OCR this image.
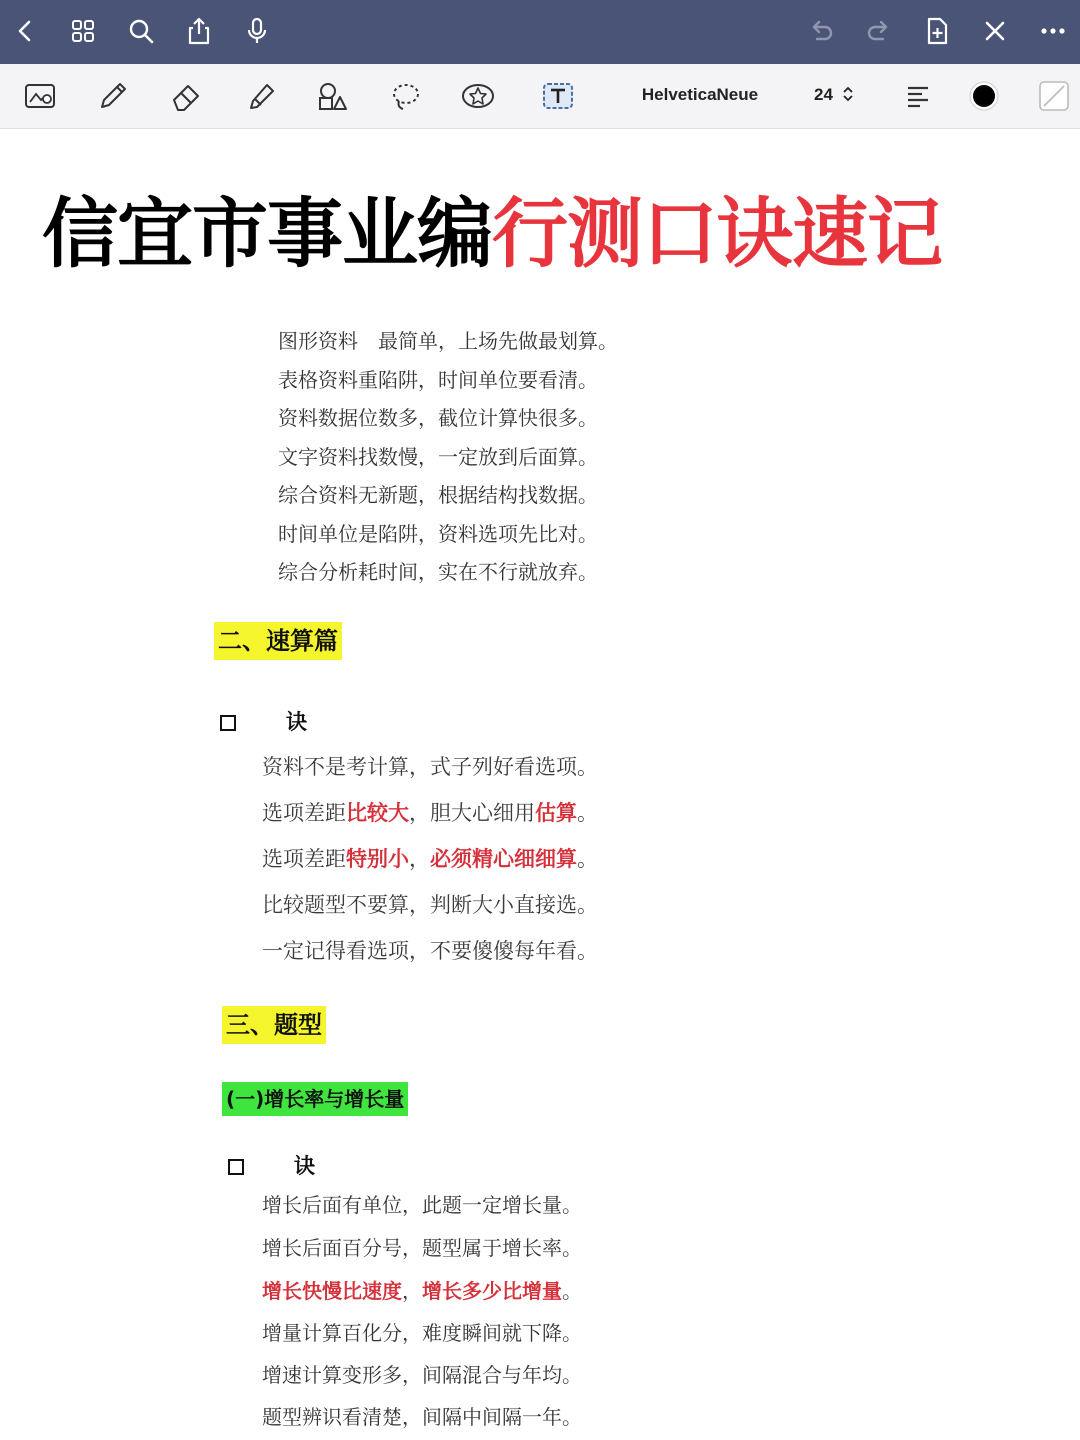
HelveticaNeue	24
信宜市事业编行测口诀速记
图形资料　最简单，上场先做最划算。
表格资料重陷阱，时间单位要看清。
资料数据位数多，截位计算快很多。
文字资料找数慢，一定放到后面算。
综合资料无新题，根据结构找数据。
时间单位是陷阱，资料选项先比对。
综合分析耗时间，实在不行就放弃。
二、速算篇
诀
资料不是考计算，式子列好看选项。
选项差距比较大，胆大心细用估算。
选项差距特别小，必须精心细细算。
比较题型不要算，判断大小直接选。
一定记得看选项，不要傻傻每年看。
三、题型
(一)增长率与增长量
诀
增长后面有单位，此题一定增长量。
增长后面百分号，题型属于增长率。
增长快慢比速度，增长多少比增量。
增量计算百化分，难度瞬间就下降。
增速计算变形多，间隔混合与年均。
题型辨识看清楚，间隔中间隔一年。
